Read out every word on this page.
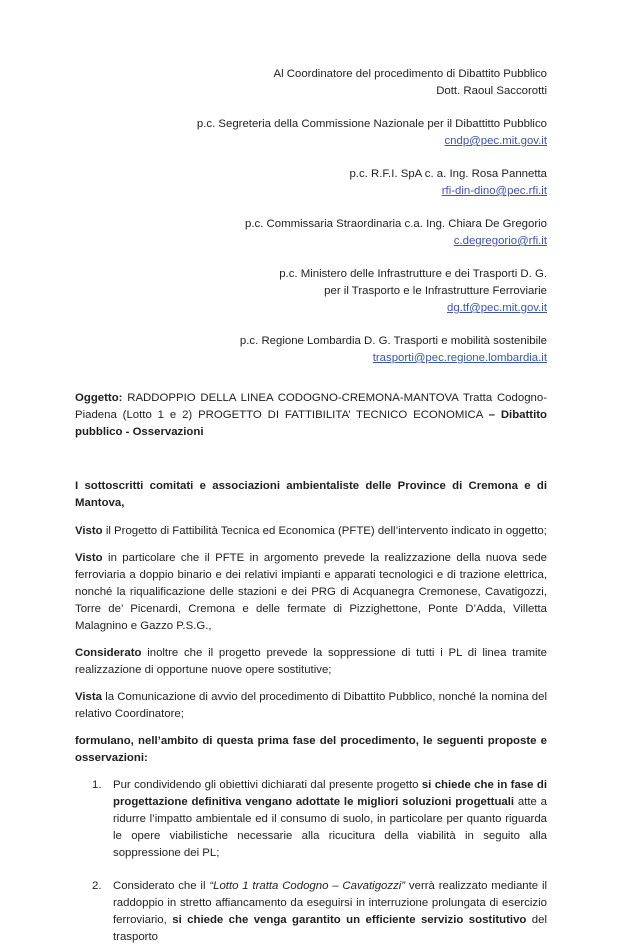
Al Coordinatore del procedimento di Dibattito Pubblico
Dott. Raoul Saccorotti
p.c. Segreteria della Commissione Nazionale per il Dibattitto Pubblico
cndp@pec.mit.gov.it
p.c. R.F.I. SpA c. a. Ing. Rosa Pannetta
rfi-din-dino@pec.rfi.it
p.c. Commissaria Straordinaria c.a. Ing. Chiara De Gregorio
c.degregorio@rfi.it
p.c. Ministero delle Infrastrutture e dei Trasporti D. G.
per il Trasporto e le Infrastrutture Ferroviarie
dg.tf@pec.mit.gov.it
p.c. Regione Lombardia D. G. Trasporti e mobilità sostenibile
trasporti@pec.regione.lombardia.it
Oggetto: RADDOPPIO DELLA LINEA CODOGNO-CREMONA-MANTOVA Tratta Codogno-Piadena (Lotto 1 e 2) PROGETTO DI FATTIBILITA’ TECNICO ECONOMICA – Dibattito pubblico - Osservazioni

I sottoscritti comitati e associazioni ambientaliste delle Province di Cremona e di Mantova,

Visto il Progetto di Fattibilità Tecnica ed Economica (PFTE) dell’intervento indicato in oggetto;

Visto in particolare che il PFTE in argomento prevede la realizzazione della nuova sede ferroviaria a doppio binario e dei relativi impianti e apparati tecnologici e di trazione elettrica, nonché la riqualificazione delle stazioni e dei PRG di Acquanegra Cremonese, Cavatigozzi, Torre de’ Picenardi, Cremona e delle fermate di Pizzighettone, Ponte D’Adda, Villetta Malagnino e Gazzo P.S.G.,

Considerato inoltre che il progetto prevede la soppressione di tutti i PL di linea tramite realizzazione di opportune nuove opere sostitutive;

Vista la Comunicazione di avvio del procedimento di Dibattito Pubblico, nonché la nomina del relativo Coordinatore;

formulano, nell’ambito di questa prima fase del procedimento, le seguenti proposte e osservazioni:

1.	Pur condividendo gli obiettivi dichiarati dal presente progetto si chiede che in fase di progettazione definitiva vengano adottate le migliori soluzioni progettuali atte a ridurre l’impatto ambientale ed il consumo di suolo, in particolare per quanto riguarda le opere viabilistiche necessarie alla ricucitura della viabilità in seguito alla soppressione dei PL;
2.	Considerato che il “Lotto 1 tratta Codogno – Cavatigozzi” verrà realizzato mediante il raddoppio in stretto affiancamento da eseguirsi in interruzione prolungata di esercizio ferroviario, si chiede che venga garantito un efficiente servizio sostitutivo del trasporto
